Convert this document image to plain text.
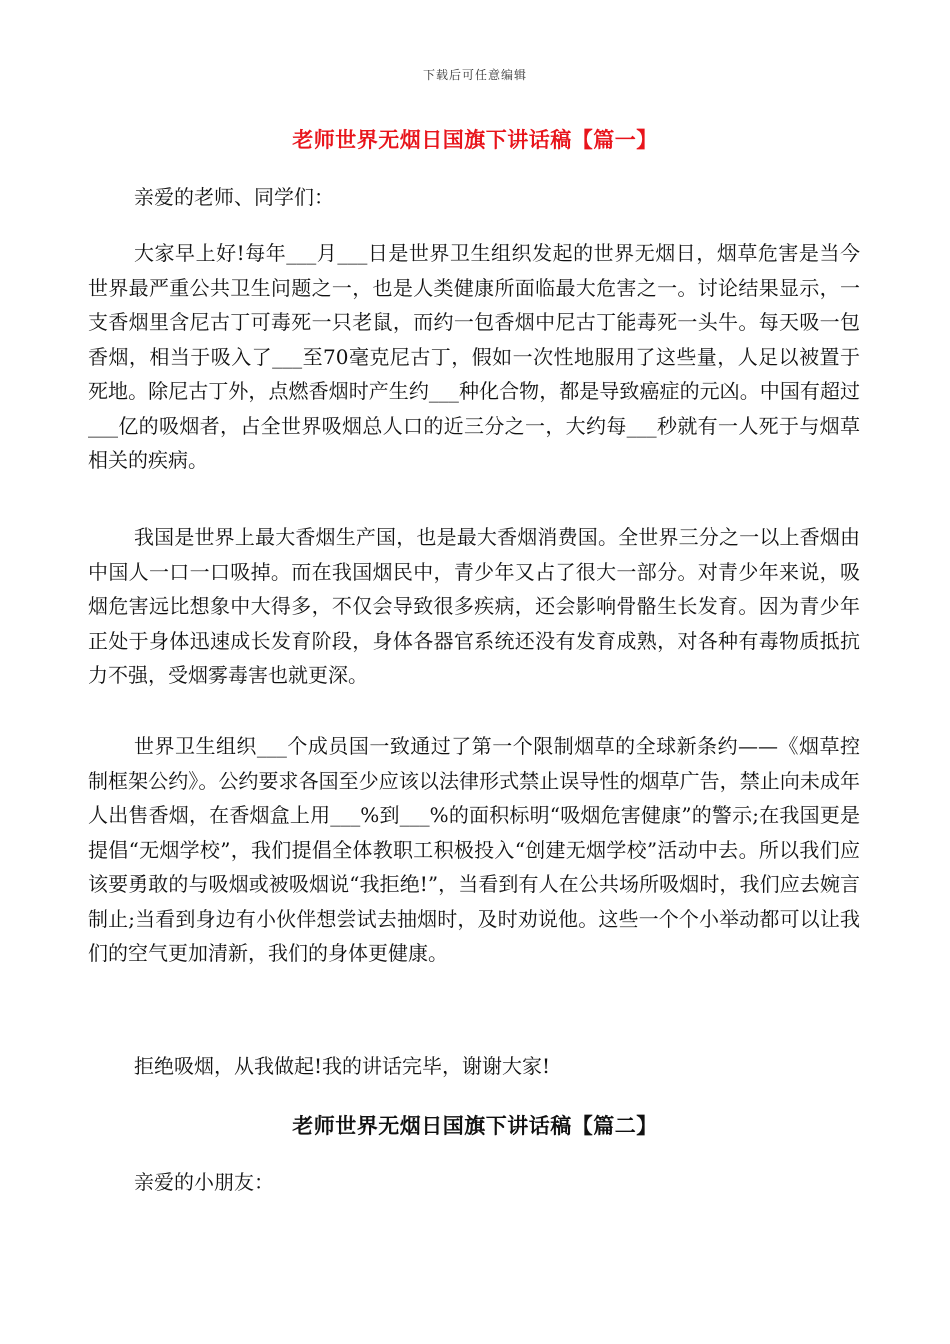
下载后可任意编辑
老师世界无烟日国旗下讲话稿【篇一】

亲爱的老师、同学们：

大家早上好!每年___月___日是世界卫生组织发起的世界无烟日，烟草危害是当今世界最严重公共卫生问题之一，也是人类健康所面临最大危害之一。讨论结果显示，一支香烟里含尼古丁可毒死一只老鼠，而约一包香烟中尼古丁能毒死一头牛。每天吸一包香烟，相当于吸入了___至70毫克尼古丁，假如一次性地服用了这些量，人足以被置于死地。除尼古丁外，点燃香烟时产生约___种化合物，都是导致癌症的元凶。中国有超过___亿的吸烟者，占全世界吸烟总人口的近三分之一，大约每___秒就有一人死于与烟草相关的疾病。

我国是世界上最大香烟生产国，也是最大香烟消费国。全世界三分之一以上香烟由中国人一口一口吸掉。而在我国烟民中，青少年又占了很大一部分。对青少年来说，吸烟危害远比想象中大得多，不仅会导致很多疾病，还会影响骨骼生长发育。因为青少年正处于身体迅速成长发育阶段，身体各器官系统还没有发育成熟，对各种有毒物质抵抗力不强，受烟雾毒害也就更深。

世界卫生组织___个成员国一致通过了第一个限制烟草的全球新条约——《烟草控制框架公约》。公约要求各国至少应该以法律形式禁止误导性的烟草广告，禁止向未成年人出售香烟，在香烟盒上用___%到___%的面积标明“吸烟危害健康”的警示;在我国更是提倡“无烟学校”，我们提倡全体教职工积极投入“创建无烟学校”活动中去。所以我们应该要勇敢的与吸烟或被吸烟说“我拒绝!”，当看到有人在公共场所吸烟时，我们应去婉言制止;当看到身边有小伙伴想尝试去抽烟时，及时劝说他。这些一个个小举动都可以让我们的空气更加清新，我们的身体更健康。

拒绝吸烟，从我做起!我的讲话完毕，谢谢大家!

老师世界无烟日国旗下讲话稿【篇二】

亲爱的小朋友：
